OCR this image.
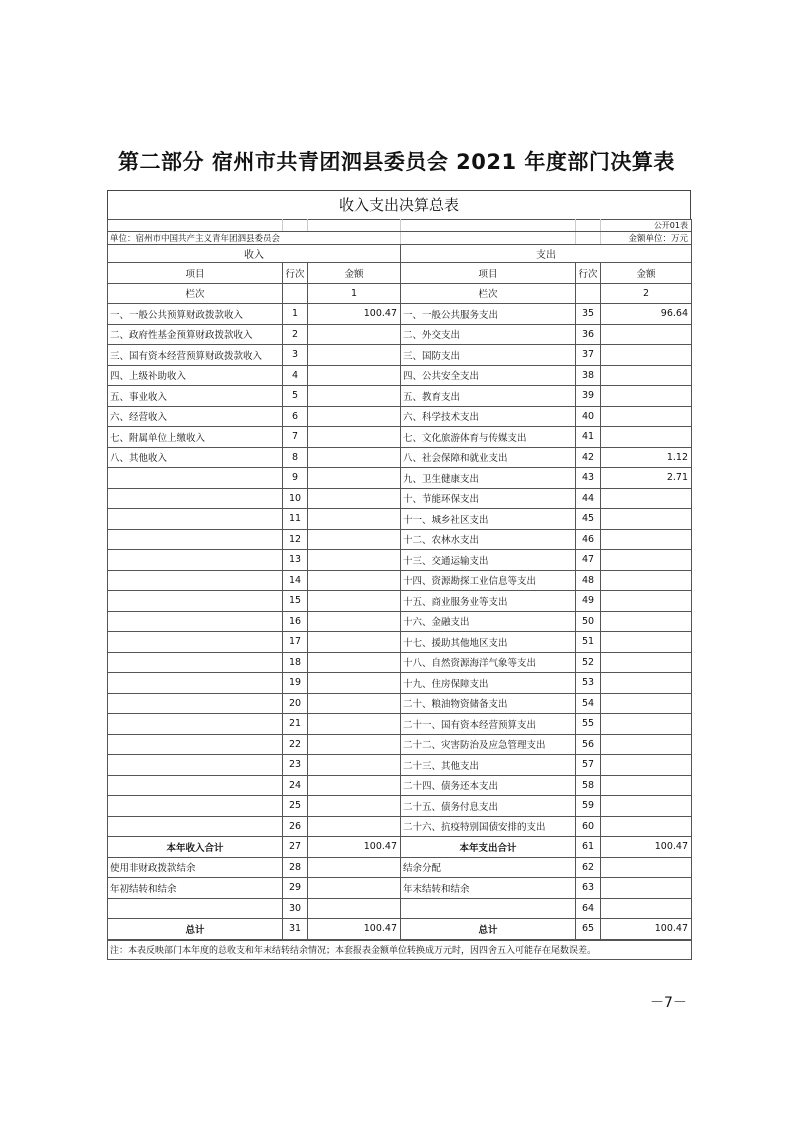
第二部分 宿州市共青团泗县委员会 2021 年度部门决算表
收入支出决算总表
					公开01表
单位：宿州市中国共产主义青年团泗县委员会					金额单位：万元
收入			支出		
项目	行次	金额	项目	行次	金额
栏次		1	栏次		2
一、一般公共预算财政拨款收入	1	100.47	一、一般公共服务支出	35	96.64
二、政府性基金预算财政拨款收入	2		二、外交支出	36	
三、国有资本经营预算财政拨款收入	3		三、国防支出	37	
四、上级补助收入	4		四、公共安全支出	38	
五、事业收入	5		五、教育支出	39	
六、经营收入	6		六、科学技术支出	40	
七、附属单位上缴收入	7		七、文化旅游体育与传媒支出	41	
八、其他收入	8		八、社会保障和就业支出	42	1.12
	9		九、卫生健康支出	43	2.71
	10		十、节能环保支出	44	
	11		十一、城乡社区支出	45	
	12		十二、农林水支出	46	
	13		十三、交通运输支出	47	
	14		十四、资源勘探工业信息等支出	48	
	15		十五、商业服务业等支出	49	
	16		十六、金融支出	50	
	17		十七、援助其他地区支出	51	
	18		十八、自然资源海洋气象等支出	52	
	19		十九、住房保障支出	53	
	20		二十、粮油物资储备支出	54	
	21		二十一、国有资本经营预算支出	55	
	22		二十二、灾害防治及应急管理支出	56	
	23		二十三、其他支出	57	
	24		二十四、债务还本支出	58	
	25		二十五、债务付息支出	59	
	26		二十六、抗疫特别国债安排的支出	60	
本年收入合计	27	100.47	本年支出合计	61	100.47
使用非财政拨款结余	28		结余分配	62	
年初结转和结余	29		年末结转和结余	63	
	30			64	
总计	31	100.47	总计	65	100.47
注：本表反映部门本年度的总收支和年末结转结余情况；本套报表金额单位转换成万元时，因四舍五入可能存在尾数误差。
－7－
